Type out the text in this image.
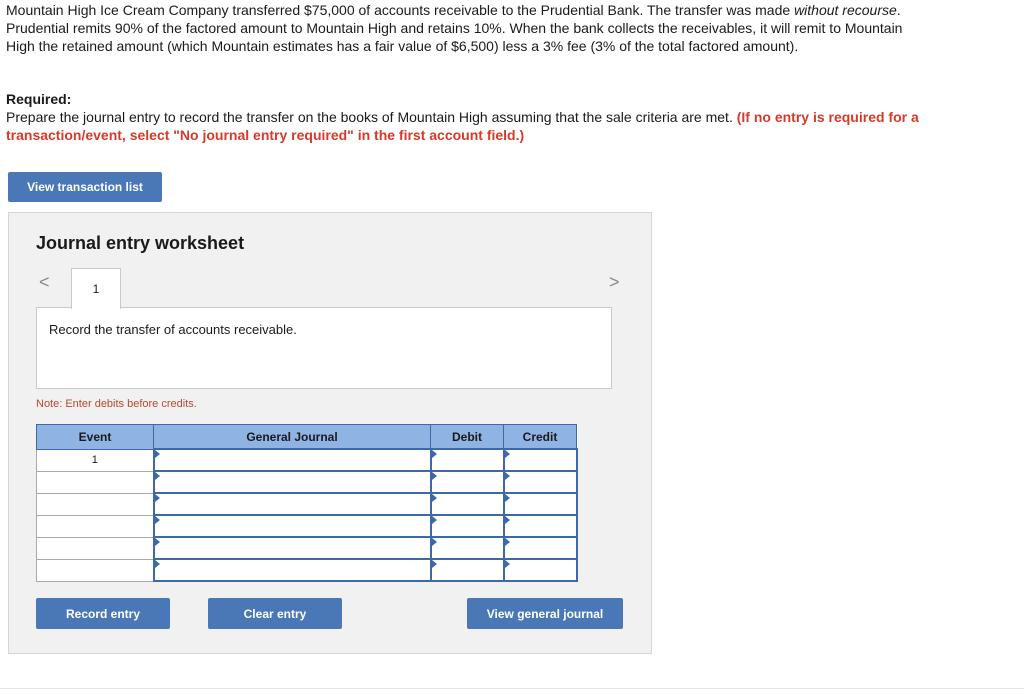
Mountain High Ice Cream Company transferred $75,000 of accounts receivable to the Prudential Bank. The transfer was made without recourse. Prudential remits 90% of the factored amount to Mountain High and retains 10%. When the bank collects the receivables, it will remit to Mountain High the retained amount (which Mountain estimates has a fair value of $6,500) less a 3% fee (3% of the total factored amount).

Required:
Prepare the journal entry to record the transfer on the books of Mountain High assuming that the sale criteria are met. (If no entry is required for a transaction/event, select "No journal entry required" in the first account field.)
View transaction list
Journal entry worksheet
<	>
1
Record the transfer of accounts receivable.
Note: Enter debits before credits.
Event	General Journal	Debit	Credit
1	

Record entry	Clear entry	View general journal
